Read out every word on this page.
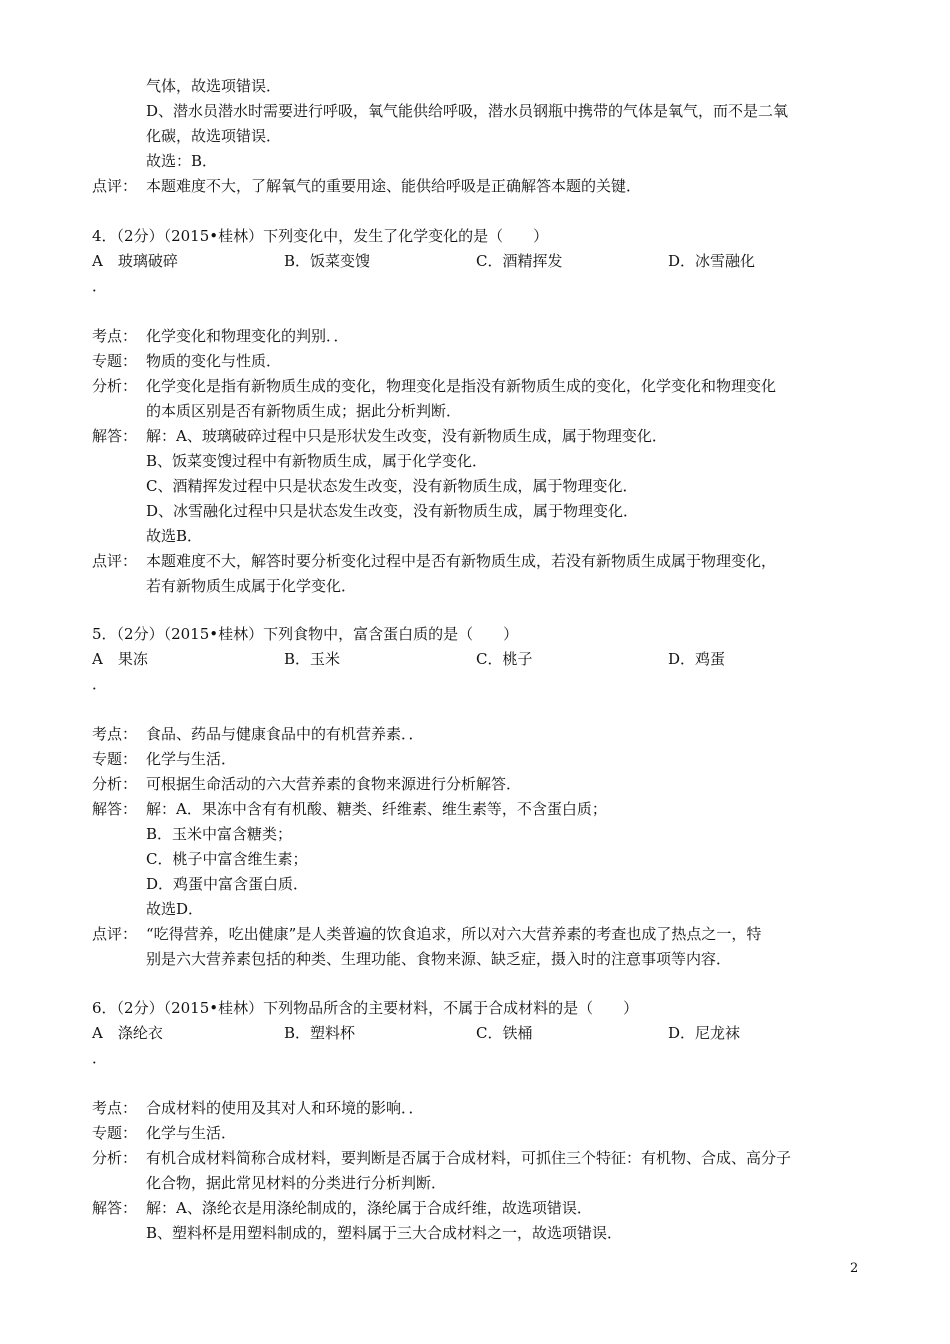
气体，故选项错误．
D、潜水员潜水时需要进行呼吸，氧气能供给呼吸，潜水员钢瓶中携带的气体是氧气，而不是二氧
化碳，故选项错误．
故选：B．
点评： 本题难度不大，了解氧气的重要用途、能供给呼吸是正确解答本题的关键．
4．（2分）（2015•桂林）下列变化中，发生了化学变化的是（　　）
A　玻璃破碎	B．饭菜变馊	C．酒精挥发	D．冰雪融化
．
考点： 化学变化和物理变化的判别．．
专题： 物质的变化与性质．
分析： 化学变化是指有新物质生成的变化，物理变化是指没有新物质生成的变化，化学变化和物理变化
的本质区别是否有新物质生成；据此分析判断．
解答： 解：A、玻璃破碎过程中只是形状发生改变，没有新物质生成，属于物理变化．
B、饭菜变馊过程中有新物质生成，属于化学变化．
C、酒精挥发过程中只是状态发生改变，没有新物质生成，属于物理变化．
D、冰雪融化过程中只是状态发生改变，没有新物质生成，属于物理变化．
故选B．
点评： 本题难度不大，解答时要分析变化过程中是否有新物质生成，若没有新物质生成属于物理变化，
若有新物质生成属于化学变化．
5．（2分）（2015•桂林）下列食物中，富含蛋白质的是（　　）
A　果冻	B．玉米	C．桃子	D．鸡蛋
．
考点： 食品、药品与健康食品中的有机营养素．．
专题： 化学与生活．
分析： 可根据生命活动的六大营养素的食物来源进行分析解答．
解答： 解：A．果冻中含有有机酸、糖类、纤维素、维生素等，不含蛋白质；
B．玉米中富含糖类；
C．桃子中富含维生素；
D．鸡蛋中富含蛋白质．
故选D．
点评： “吃得营养，吃出健康”是人类普遍的饮食追求，所以对六大营养素的考查也成了热点之一，特
别是六大营养素包括的种类、生理功能、食物来源、缺乏症，摄入时的注意事项等内容．
6．（2分）（2015•桂林）下列物品所含的主要材料，不属于合成材料的是（　　）
A　涤纶衣	B．塑料杯	C．铁桶	D．尼龙袜
．
考点： 合成材料的使用及其对人和环境的影响．．
专题： 化学与生活．
分析： 有机合成材料简称合成材料，要判断是否属于合成材料，可抓住三个特征：有机物、合成、高分子
化合物，据此常见材料的分类进行分析判断．
解答： 解：A、涤纶衣是用涤纶制成的，涤纶属于合成纤维，故选项错误．
B、塑料杯是用塑料制成的，塑料属于三大合成材料之一，故选项错误．
2
